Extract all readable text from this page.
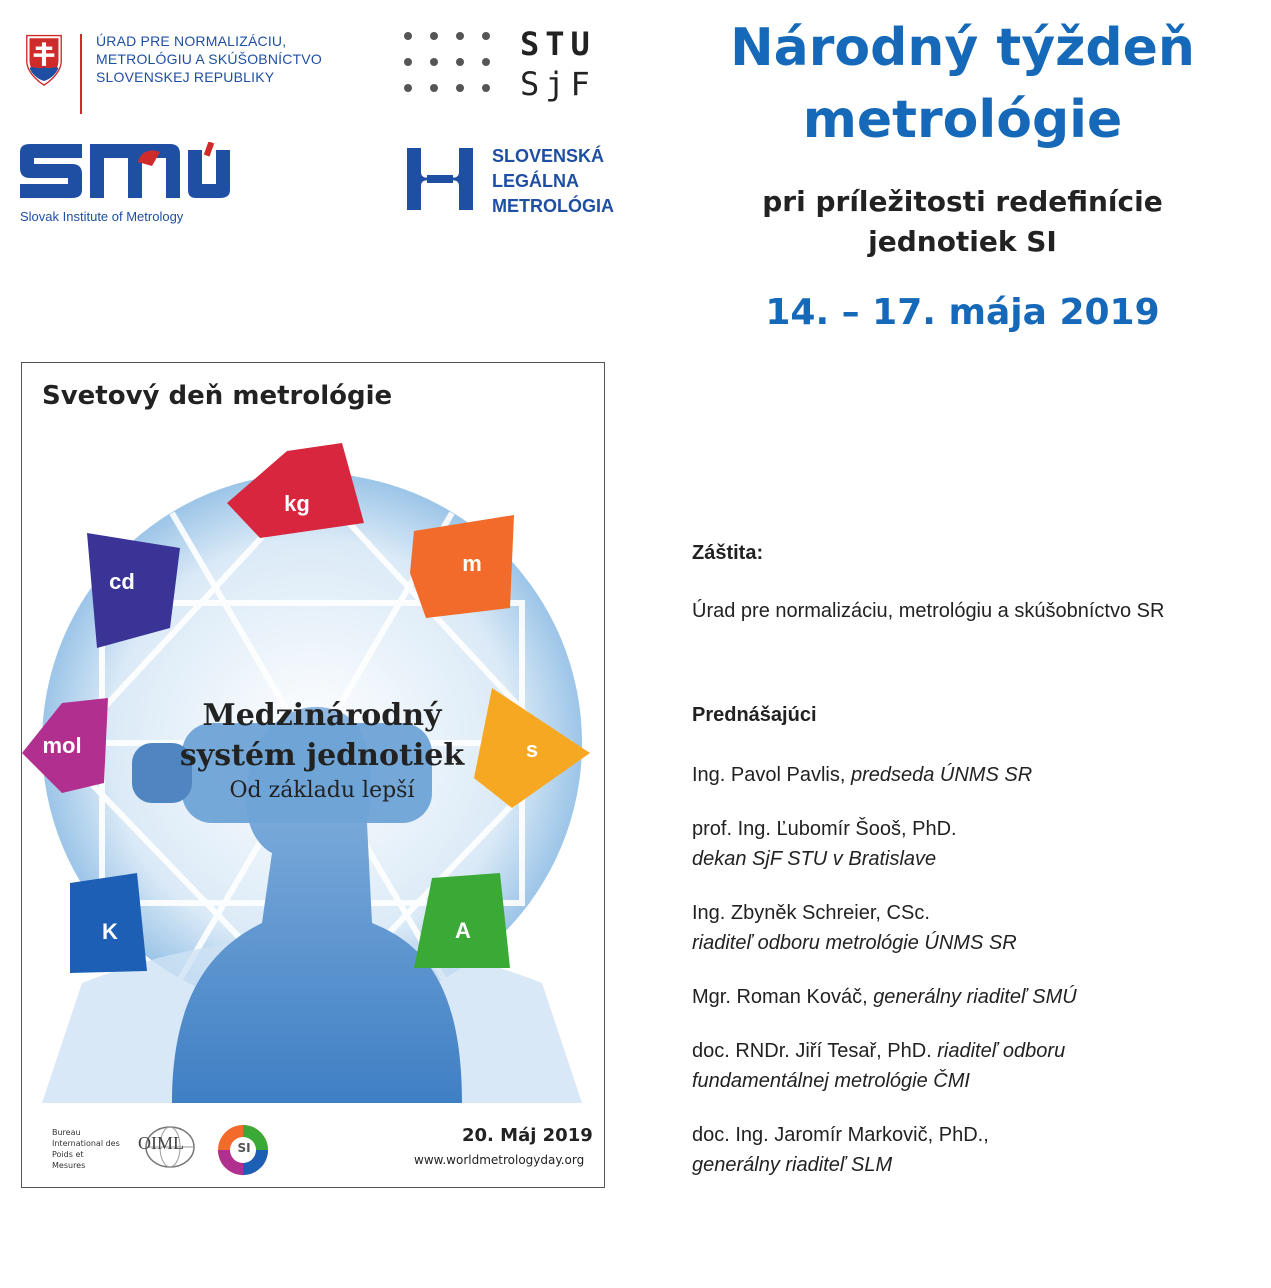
ÚRAD PRE NORMALIZÁCIU,
METROLÓGIU A SKÚŠOBNÍCTVO
SLOVENSKEJ REPUBLIKY
STU
SjF
Slovak Institute of Metrology
SLOVENSKÁ
LEGÁLNA
METROLÓGIA
Národný týždeň
metrológie
pri príležitosti redefinície
jednotiek SI
14. – 17. mája 2019
Svetový deň metrológie
kg
m
s
A
K
mol
cd
Medzinárodný
systém jednotiek
Od základu lepší
Bureau
International des
Poids et
Mesures
OIML	SI
20. Máj 2019
www.worldmetrologyday.org
Záštita:
Úrad pre normalizáciu, metrológiu a skúšobníctvo SR
Prednášajúci
Ing. Pavol Pavlis, predseda ÚNMS SR
prof. Ing. Ľubomír Šooš, PhD.
dekan SjF STU v Bratislave
Ing. Zbyněk Schreier, CSc.
riaditeľ odboru metrológie ÚNMS SR
Mgr. Roman Kováč, generálny riaditeľ SMÚ
doc. RNDr. Jiří Tesař, PhD. riaditeľ odboru
fundamentálnej metrológie ČMI
doc. Ing. Jaromír Markovič, PhD.,
generálny riaditeľ SLM
